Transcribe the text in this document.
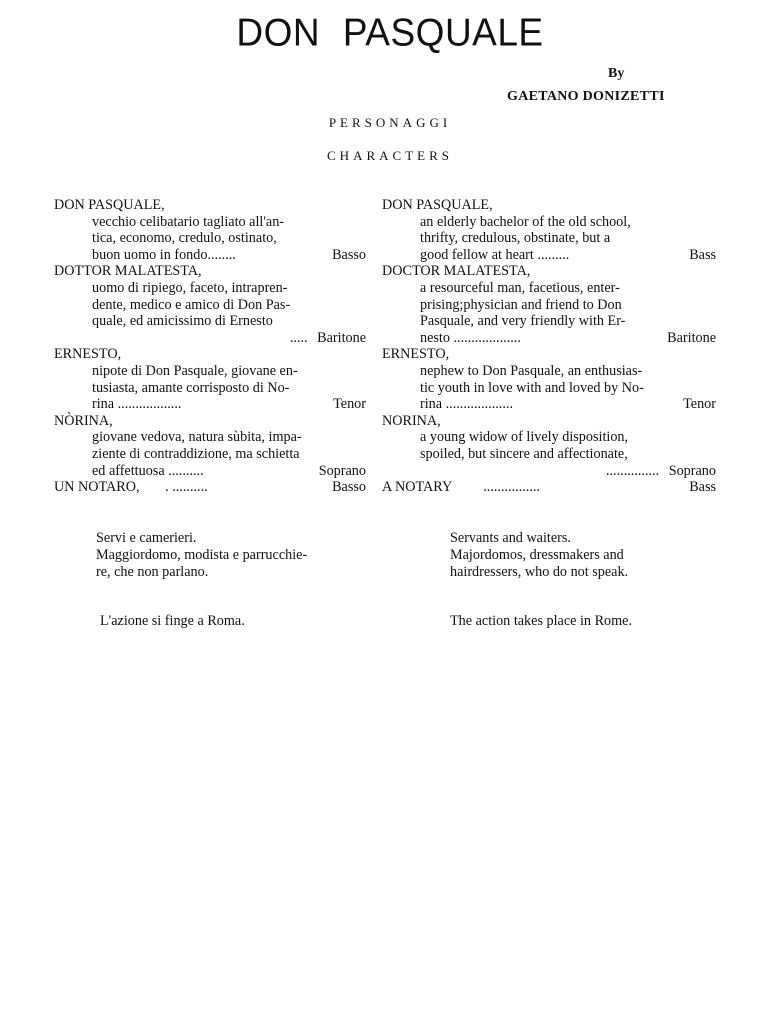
DON PASQUALE
By
GAETANO DONIZETTI
PERSONAGGI
CHARACTERS
DON PASQUALE,
vecchio celibatario tagliato all'an-
tica, economo, credulo, ostinato,
buon uomo in fondo........	Basso
DOTTOR MALATESTA,
uomo di ripiego, faceto, intrapren-
dente, medico e amico di Don Pas-
quale, ed amicissimo di Ernesto
..... Baritone
ERNESTO,
nipote di Don Pasquale, giovane en-
tusiasta, amante corrisposto di No-
rina ..................	Tenor
NÒRINA,
giovane vedova, natura sùbita, impa-
ziente di contraddizione, ma schietta
ed affettuosa ..........	Soprano
UN NOTARO, . ..........	Basso
DON PASQUALE,
an elderly bachelor of the old school,
thrifty, credulous, obstinate, but a
good fellow at heart .........	Bass
DOCTOR MALATESTA,
a resourceful man, facetious, enter-
prising;physician and friend to Don
Pasquale, and very friendly with Er-
nesto ...................	Baritone
ERNESTO,
nephew to Don Pasquale, an enthusias-
tic youth in love with and loved by No-
rina ...................	Tenor
NORINA,
a young widow of lively disposition,
spoiled, but sincere and affectionate,
............... Soprano
A NOTARY ................	Bass
Servi e camerieri.
Maggiordomo, modista e parrucchie-
re, che non parlano.
Servants and waiters.
Majordomos, dressmakers and
hairdressers, who do not speak.
L'azione si finge a Roma.	The action takes place in Rome.
